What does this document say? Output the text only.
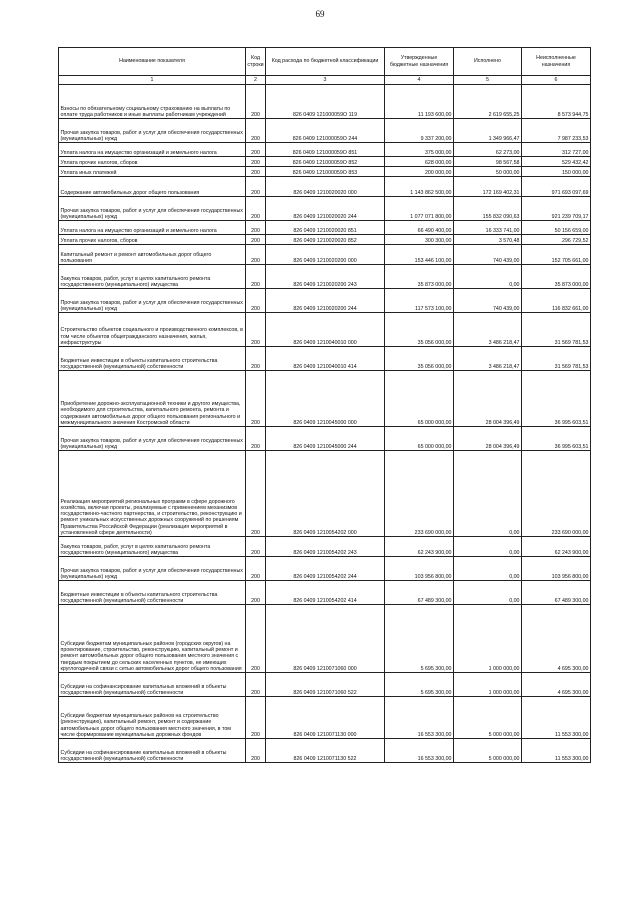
69
Наименование показателя	Код строки	Код расхода по бюджетной классификации	Утвержденные бюджетные назначения	Исполнено	Неисполненные назначения
1	2	3	4	5	6
Взносы по обязательному социальному страхованию на выплаты по оплате труда работников и иные выплаты работникам учреждений	200	826 0409 121000059О 119	11 193 600,00	2 619 655,25	8 573 944,75
Прочая закупка товаров, работ и услуг для обеспечения государственных (муниципальных) нужд	200	826 0409 121000059О 244	9 337 200,00	1 349 966,47	7 987 233,53
Уплата налога на имущество организаций и земельного налога	200	826 0409 121000059О 851	375 000,00	62 273,00	312 727,00
Уплата прочих налогов, сборов	200	826 0409 121000059О 852	628 000,00	98 567,58	529 432,42
Уплата иных платежей	200	826 0409 121000059О 853	200 000,00	50 000,00	150 000,00
Содержание автомобильных дорог общего пользования	200	826 0409 1210020020 000	1 143 862 500,00	172 169 402,31	971 693 097,69
Прочая закупка товаров, работ и услуг для обеспечения государственных (муниципальных) нужд	200	826 0409 1210020020 244	1 077 071 800,00	155 832 090,63	921 239 709,17
Уплата налога на имущество организаций и земельного налога	200	826 0409 1210020020 851	66 490 400,00	16 333 741,00	50 156 659,00
Уплата прочих налогов, сборов	200	826 0409 1210020020 852	300 300,00	3 570,48	296 729,52
Капитальный ремонт и ремонт автомобильных дорог общего пользования	200	826 0409 1210020200 000	153 446 100,00	740 439,00	152 705 661,00
Закупка товаров, работ, услуг в целях капитального ремонта государственного (муниципального) имущества	200	826 0409 1210020200 243	35 873 000,00	0,00	35 873 000,00
Прочая закупка товаров, работ и услуг для обеспечения государственных (муниципальных) нужд	200	826 0409 1210020200 244	117 573 100,00	740 439,00	116 832 661,00
Строительство объектов социального и производственного комплексов, в том числе объектов общегражданского назначения, жилья, инфраструктуры	200	826 0409 1210040010 000	35 056 000,00	3 486 218,47	31 569 781,53
Бюджетные инвестиции в объекты капитального строительства государственной (муниципальной) собственности	200	826 0409 1210040010 414	35 056 000,00	3 486 218,47	31 569 781,53
Приобретение дорожно-эксплуатационной техники и другого имущества, необходимого для строительства, капитального ремонта, ремонта и содержания автомобильных дорог общего пользования регионального и межмуниципального значения Костромской области	200	826 0409 1210045000 000	65 000 000,00	28 004 396,49	36 995 603,51
Прочая закупка товаров, работ и услуг для обеспечения государственных (муниципальных) нужд	200	826 0409 1210045000 244	65 000 000,00	28 004 396,49	36 995 603,51
Реализация мероприятий региональных программ в сфере дорожного хозяйства, включая проекты, реализуемые с применением механизмов государственно-частного партнерства, и строительство, реконструкцию и ремонт уникальных искусственных дорожных сооружений по решениям Правительства Российской Федерации (реализация мероприятий в установленной сфере деятельности)	200	826 0409 1210054202 000	233 690 000,00	0,00	233 690 000,00
Закупка товаров, работ, услуг в целях капитального ремонта государственного (муниципального) имущества	200	826 0409 1210054202 243	62 243 900,00	0,00	62 243 900,00
Прочая закупка товаров, работ и услуг для обеспечения государственных (муниципальных) нужд	200	826 0409 1210054202 244	103 956 800,00	0,00	103 956 800,00
Бюджетные инвестиции в объекты капитального строительства государственной (муниципальной) собственности	200	826 0409 1210054202 414	67 489 300,00	0,00	67 489 300,00
Субсидии бюджетам муниципальных районов (городских округов) на проектирование, строительство, реконструкцию, капитальный ремонт и ремонт автомобильных дорог общего пользования местного значения с твердым покрытием до сельских населенных пунктов, не имеющих круглогодичной связи с сетью автомобильных дорог общего пользования	200	826 0409 1210071060 000	5 695 300,00	1 000 000,00	4 695 300,00
Субсидии на софинансирование капитальных вложений в объекты государственной (муниципальной) собственности	200	826 0409 1210071060 522	5 695 300,00	1 000 000,00	4 695 300,00
Субсидии бюджетам муниципальных районов на строительство (реконструкцию), капитальный ремонт, ремонт и содержание автомобильных дорог общего пользования местного значения, в том числе формирование муниципальных дорожных фондов	200	826 0409 1210071130 000	16 553 300,00	5 000 000,00	11 553 300,00
Субсидии на софинансирование капитальных вложений в объекты государственной (муниципальной) собственности	200	826 0409 1210071130 522	16 553 300,00	5 000 000,00	11 553 300,00
